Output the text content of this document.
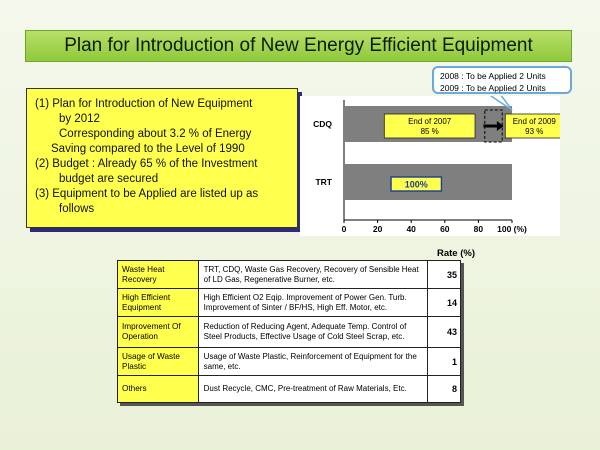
Plan for Introduction of New Energy Efficient Equipment
(1) Plan for Introduction of New Equipment
by 2012
Corresponding about 3.2 % of Energy
Saving compared to the Level of 1990
(2) Budget : Already 65 % of the Investment
budget are secured
(3) Equipment to be Applied are listed up as
follows
2008 : To be Applied 2 Units
2009 : To be Applied 2 Units
0	20	40	60	80 100 (%)
CDQ
TRT
End of 2007
85 %
End of 2009
93 %
100%
Rate (%)
Waste Heat Recovery	TRT, CDQ, Waste Gas Recovery, Recovery of Sensible Heat of LD Gas, Regenerative Burner, etc.	35
High Efficient Equipment	High Efficient O2 Eqip. Improvement of Power Gen. Turb. Improvement of Sinter / BF/HS, High Eff. Motor, etc.	14
Improvement Of Operation	Reduction of Reducing Agent, Adequate Temp. Control of Steel Products, Effective Usage of Cold Steel Scrap, etc.	43
Usage of Waste Plastic	Usage of Waste Plastic, Reinforcement of Equipment for the same, etc.	1
Others	Dust Recycle, CMC, Pre-treatment of Raw Materials, Etc.	8
